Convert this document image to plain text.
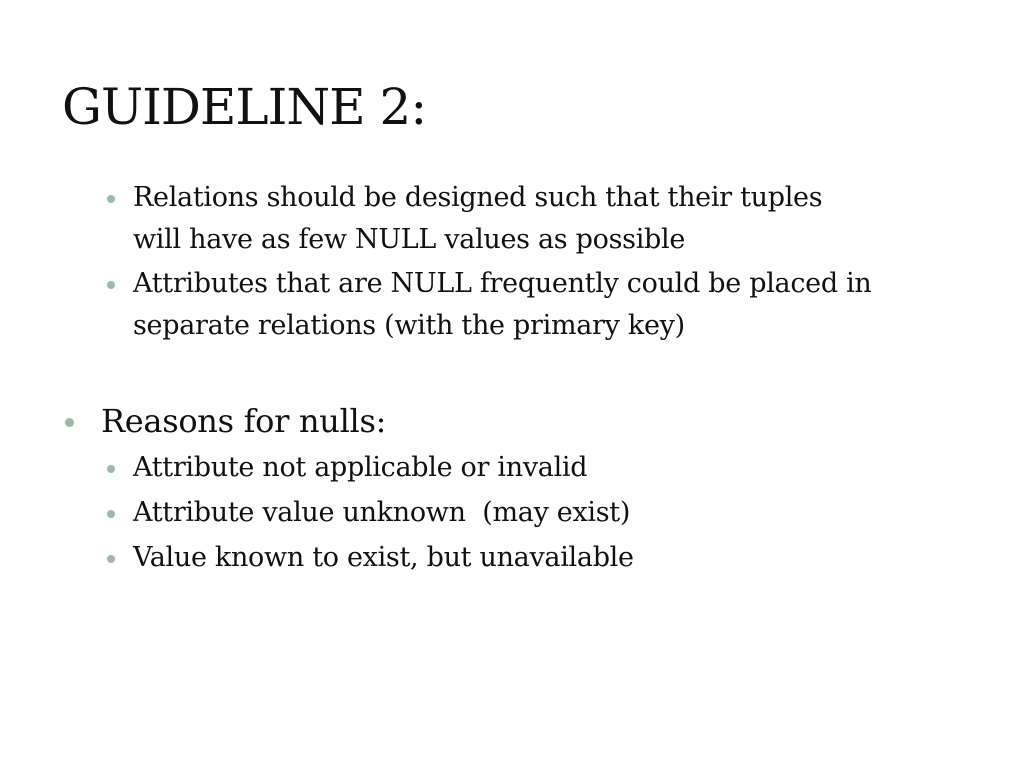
GUIDELINE 2:
Relations should be designed such that their tuples
will have as few NULL values as possible
Attributes that are NULL frequently could be placed in
separate relations (with the primary key)
Reasons for nulls:
Attribute not applicable or invalid
Attribute value unknown  (may exist)
Value known to exist, but unavailable
